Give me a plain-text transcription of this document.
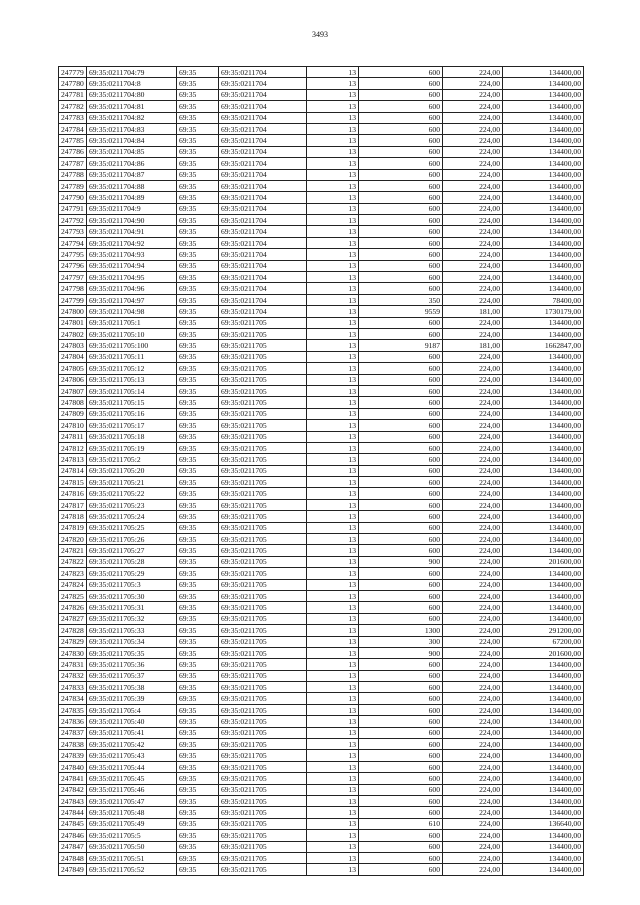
3493
247779	69:35:0211704:79	69:35	69:35:0211704	13	600	224,00	134400,00
247780	69:35:0211704:8	69:35	69:35:0211704	13	600	224,00	134400,00
247781	69:35:0211704:80	69:35	69:35:0211704	13	600	224,00	134400,00
247782	69:35:0211704:81	69:35	69:35:0211704	13	600	224,00	134400,00
247783	69:35:0211704:82	69:35	69:35:0211704	13	600	224,00	134400,00
247784	69:35:0211704:83	69:35	69:35:0211704	13	600	224,00	134400,00
247785	69:35:0211704:84	69:35	69:35:0211704	13	600	224,00	134400,00
247786	69:35:0211704:85	69:35	69:35:0211704	13	600	224,00	134400,00
247787	69:35:0211704:86	69:35	69:35:0211704	13	600	224,00	134400,00
247788	69:35:0211704:87	69:35	69:35:0211704	13	600	224,00	134400,00
247789	69:35:0211704:88	69:35	69:35:0211704	13	600	224,00	134400,00
247790	69:35:0211704:89	69:35	69:35:0211704	13	600	224,00	134400,00
247791	69:35:0211704:9	69:35	69:35:0211704	13	600	224,00	134400,00
247792	69:35:0211704:90	69:35	69:35:0211704	13	600	224,00	134400,00
247793	69:35:0211704:91	69:35	69:35:0211704	13	600	224,00	134400,00
247794	69:35:0211704:92	69:35	69:35:0211704	13	600	224,00	134400,00
247795	69:35:0211704:93	69:35	69:35:0211704	13	600	224,00	134400,00
247796	69:35:0211704:94	69:35	69:35:0211704	13	600	224,00	134400,00
247797	69:35:0211704:95	69:35	69:35:0211704	13	600	224,00	134400,00
247798	69:35:0211704:96	69:35	69:35:0211704	13	600	224,00	134400,00
247799	69:35:0211704:97	69:35	69:35:0211704	13	350	224,00	78400,00
247800	69:35:0211704:98	69:35	69:35:0211704	13	9559	181,00	1730179,00
247801	69:35:0211705:1	69:35	69:35:0211705	13	600	224,00	134400,00
247802	69:35:0211705:10	69:35	69:35:0211705	13	600	224,00	134400,00
247803	69:35:0211705:100	69:35	69:35:0211705	13	9187	181,00	1662847,00
247804	69:35:0211705:11	69:35	69:35:0211705	13	600	224,00	134400,00
247805	69:35:0211705:12	69:35	69:35:0211705	13	600	224,00	134400,00
247806	69:35:0211705:13	69:35	69:35:0211705	13	600	224,00	134400,00
247807	69:35:0211705:14	69:35	69:35:0211705	13	600	224,00	134400,00
247808	69:35:0211705:15	69:35	69:35:0211705	13	600	224,00	134400,00
247809	69:35:0211705:16	69:35	69:35:0211705	13	600	224,00	134400,00
247810	69:35:0211705:17	69:35	69:35:0211705	13	600	224,00	134400,00
247811	69:35:0211705:18	69:35	69:35:0211705	13	600	224,00	134400,00
247812	69:35:0211705:19	69:35	69:35:0211705	13	600	224,00	134400,00
247813	69:35:0211705:2	69:35	69:35:0211705	13	600	224,00	134400,00
247814	69:35:0211705:20	69:35	69:35:0211705	13	600	224,00	134400,00
247815	69:35:0211705:21	69:35	69:35:0211705	13	600	224,00	134400,00
247816	69:35:0211705:22	69:35	69:35:0211705	13	600	224,00	134400,00
247817	69:35:0211705:23	69:35	69:35:0211705	13	600	224,00	134400,00
247818	69:35:0211705:24	69:35	69:35:0211705	13	600	224,00	134400,00
247819	69:35:0211705:25	69:35	69:35:0211705	13	600	224,00	134400,00
247820	69:35:0211705:26	69:35	69:35:0211705	13	600	224,00	134400,00
247821	69:35:0211705:27	69:35	69:35:0211705	13	600	224,00	134400,00
247822	69:35:0211705:28	69:35	69:35:0211705	13	900	224,00	201600,00
247823	69:35:0211705:29	69:35	69:35:0211705	13	600	224,00	134400,00
247824	69:35:0211705:3	69:35	69:35:0211705	13	600	224,00	134400,00
247825	69:35:0211705:30	69:35	69:35:0211705	13	600	224,00	134400,00
247826	69:35:0211705:31	69:35	69:35:0211705	13	600	224,00	134400,00
247827	69:35:0211705:32	69:35	69:35:0211705	13	600	224,00	134400,00
247828	69:35:0211705:33	69:35	69:35:0211705	13	1300	224,00	291200,00
247829	69:35:0211705:34	69:35	69:35:0211705	13	300	224,00	67200,00
247830	69:35:0211705:35	69:35	69:35:0211705	13	900	224,00	201600,00
247831	69:35:0211705:36	69:35	69:35:0211705	13	600	224,00	134400,00
247832	69:35:0211705:37	69:35	69:35:0211705	13	600	224,00	134400,00
247833	69:35:0211705:38	69:35	69:35:0211705	13	600	224,00	134400,00
247834	69:35:0211705:39	69:35	69:35:0211705	13	600	224,00	134400,00
247835	69:35:0211705:4	69:35	69:35:0211705	13	600	224,00	134400,00
247836	69:35:0211705:40	69:35	69:35:0211705	13	600	224,00	134400,00
247837	69:35:0211705:41	69:35	69:35:0211705	13	600	224,00	134400,00
247838	69:35:0211705:42	69:35	69:35:0211705	13	600	224,00	134400,00
247839	69:35:0211705:43	69:35	69:35:0211705	13	600	224,00	134400,00
247840	69:35:0211705:44	69:35	69:35:0211705	13	600	224,00	134400,00
247841	69:35:0211705:45	69:35	69:35:0211705	13	600	224,00	134400,00
247842	69:35:0211705:46	69:35	69:35:0211705	13	600	224,00	134400,00
247843	69:35:0211705:47	69:35	69:35:0211705	13	600	224,00	134400,00
247844	69:35:0211705:48	69:35	69:35:0211705	13	600	224,00	134400,00
247845	69:35:0211705:49	69:35	69:35:0211705	13	610	224,00	136640,00
247846	69:35:0211705:5	69:35	69:35:0211705	13	600	224,00	134400,00
247847	69:35:0211705:50	69:35	69:35:0211705	13	600	224,00	134400,00
247848	69:35:0211705:51	69:35	69:35:0211705	13	600	224,00	134400,00
247849	69:35:0211705:52	69:35	69:35:0211705	13	600	224,00	134400,00
